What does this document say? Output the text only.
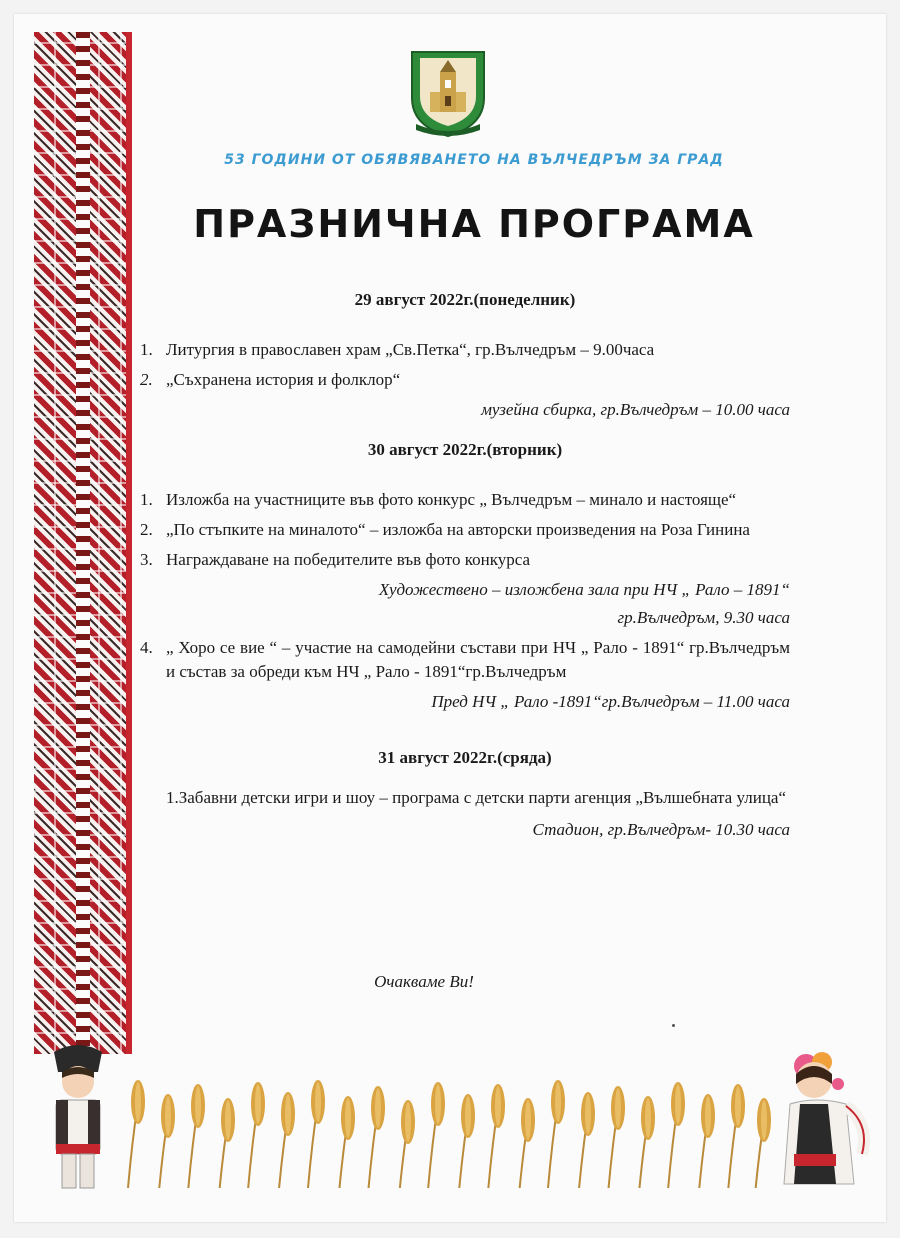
53 ГОДИНИ ОТ ОБЯВЯВАНЕТО НА ВЪЛЧЕДРЪМ ЗА ГРАД
ПРАЗНИЧНА ПРОГРАМА
29 август 2022г.(понеделник)
1. Литургия в православен храм „Св.Петка“, гр.Вълчедръм – 9.00часа
2. „Съхранена история и фолклор“
музейна сбирка, гр.Вълчедръм – 10.00 часа
30 август 2022г.(вторник)
1. Изложба на участниците във фото конкурс „ Вълчедръм – минало и настояще“
2. „По стъпките на миналото“ – изложба на авторски произведения на Роза Гинина
3. Награждаване на победителите във фото конкурса
Художествено – изложбена зала при НЧ „ Рало – 1891“
гр.Вълчедръм, 9.30 часа
4. „ Хоро се вие “ – участие на самодейни състави при НЧ „ Рало - 1891“ гр.Вълчедръм и състав за обреди към НЧ „ Рало - 1891“гр.Вълчедръм
Пред НЧ „ Рало -1891“гр.Вълчедръм – 11.00 часа
31 август 2022г.(сряда)
1.Забавни детски игри и шоу – програма с детски парти агенция „Вълшебната улица“
Стадион, гр.Вълчедръм- 10.30 часа
Очакваме Ви!
